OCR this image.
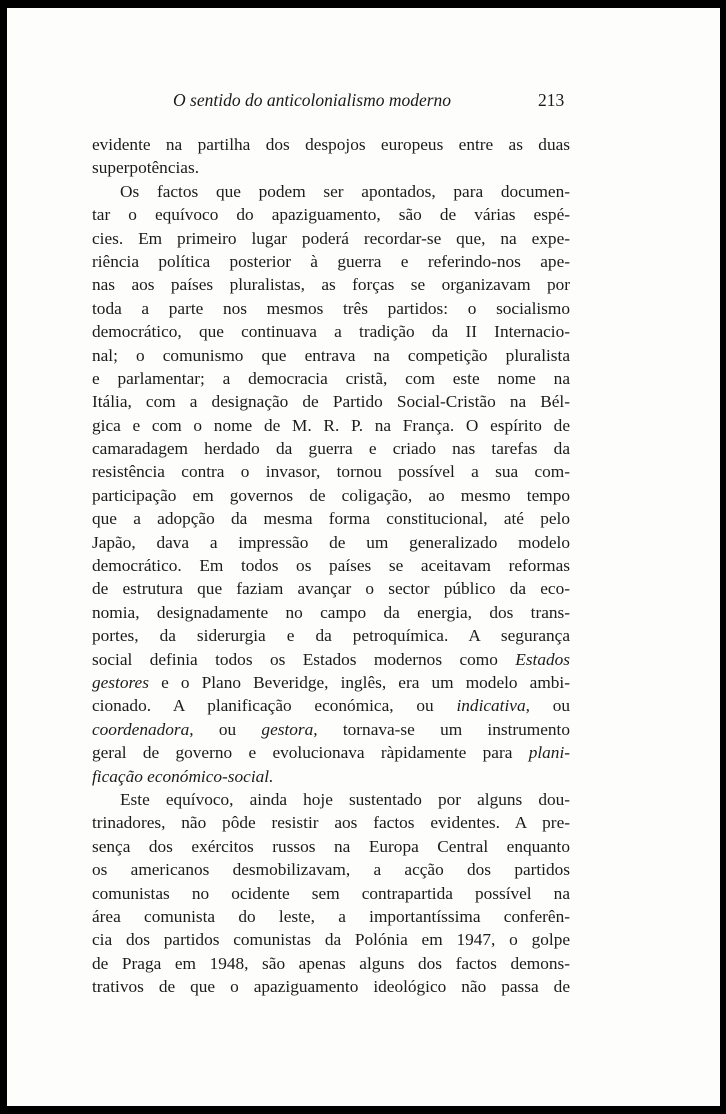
O sentido do anticolonialismo moderno	213
evidente na partilha dos despojos europeus entre as duas
superpotências.
Os factos que podem ser apontados, para documen-
tar o equívoco do apaziguamento, são de várias espé-
cies. Em primeiro lugar poderá recordar-se que, na expe-
riência política posterior à guerra e referindo-nos ape-
nas aos países pluralistas, as forças se organizavam por
toda a parte nos mesmos três partidos: o socialismo
democrático, que continuava a tradição da II Internacio-
nal; o comunismo que entrava na competição pluralista
e parlamentar; a democracia cristã, com este nome na
Itália, com a designação de Partido Social-Cristão na Bél-
gica e com o nome de M. R. P. na França. O espírito de
camaradagem herdado da guerra e criado nas tarefas da
resistência contra o invasor, tornou possível a sua com-
participação em governos de coligação, ao mesmo tempo
que a adopção da mesma forma constitucional, até pelo
Japão, dava a impressão de um generalizado modelo
democrático. Em todos os países se aceitavam reformas
de estrutura que faziam avançar o sector público da eco-
nomia, designadamente no campo da energia, dos trans-
portes, da siderurgia e da petroquímica. A segurança
social definia todos os Estados modernos como Estados
gestores e o Plano Beveridge, inglês, era um modelo ambi-
cionado. A planificação económica, ou indicativa, ou
coordenadora, ou gestora, tornava-se um instrumento
geral de governo e evolucionava ràpidamente para plani-
ficação económico-social.
Este equívoco, ainda hoje sustentado por alguns dou-
trinadores, não pôde resistir aos factos evidentes. A pre-
sença dos exércitos russos na Europa Central enquanto
os americanos desmobilizavam, a acção dos partidos
comunistas no ocidente sem contrapartida possível na
área comunista do leste, a importantíssima conferên-
cia dos partidos comunistas da Polónia em 1947, o golpe
de Praga em 1948, são apenas alguns dos factos demons-
trativos de que o apaziguamento ideológico não passa de
